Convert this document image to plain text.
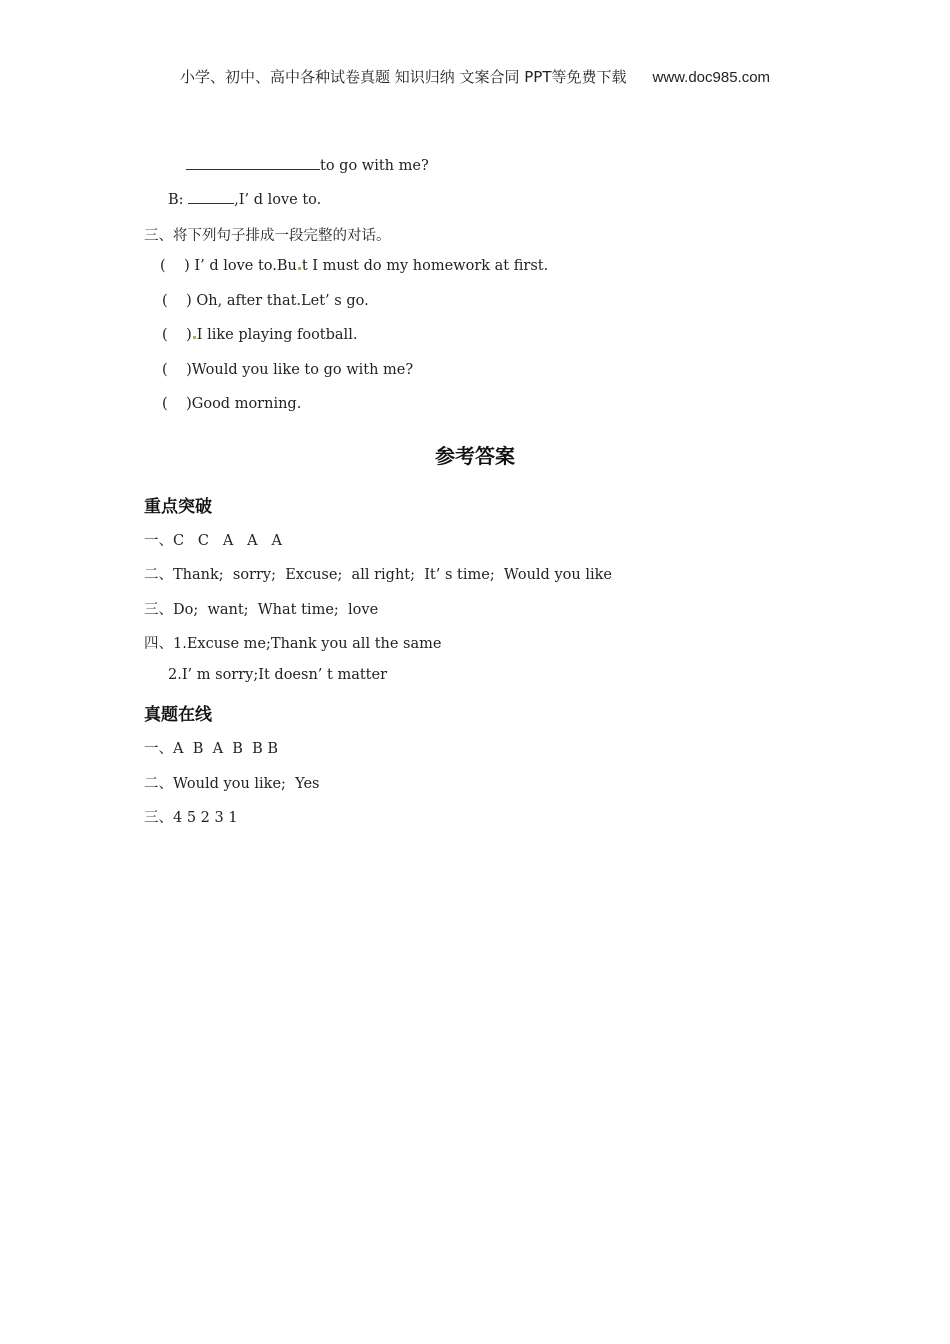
小学、初中、高中各种试卷真题 知识归纳 文案合同 PPT等免费下载 www.doc985.com
to go with me?
B:	,I’ d love to.
三、将下列句子排成一段完整的对话。
(    ) I’ d love to.Bu t I must do my homework at first.
(    ) Oh, after that.Let’ s go.
(    ) I like playing football.
(    )Would you like to go with me?
(    )Good morning.
参考答案
重点突破
一、C   C   A   A   A
二、Thank;  sorry;  Excuse;  all right;  It’ s time;  Would you like
三、Do;  want;  What time;  love
四、1.Excuse me;Thank you all the same
2.I’ m sorry;It doesn’ t matter
真题在线
一、A  B  A  B  B B
二、Would you like;  Yes
三、4 5 2 3 1
